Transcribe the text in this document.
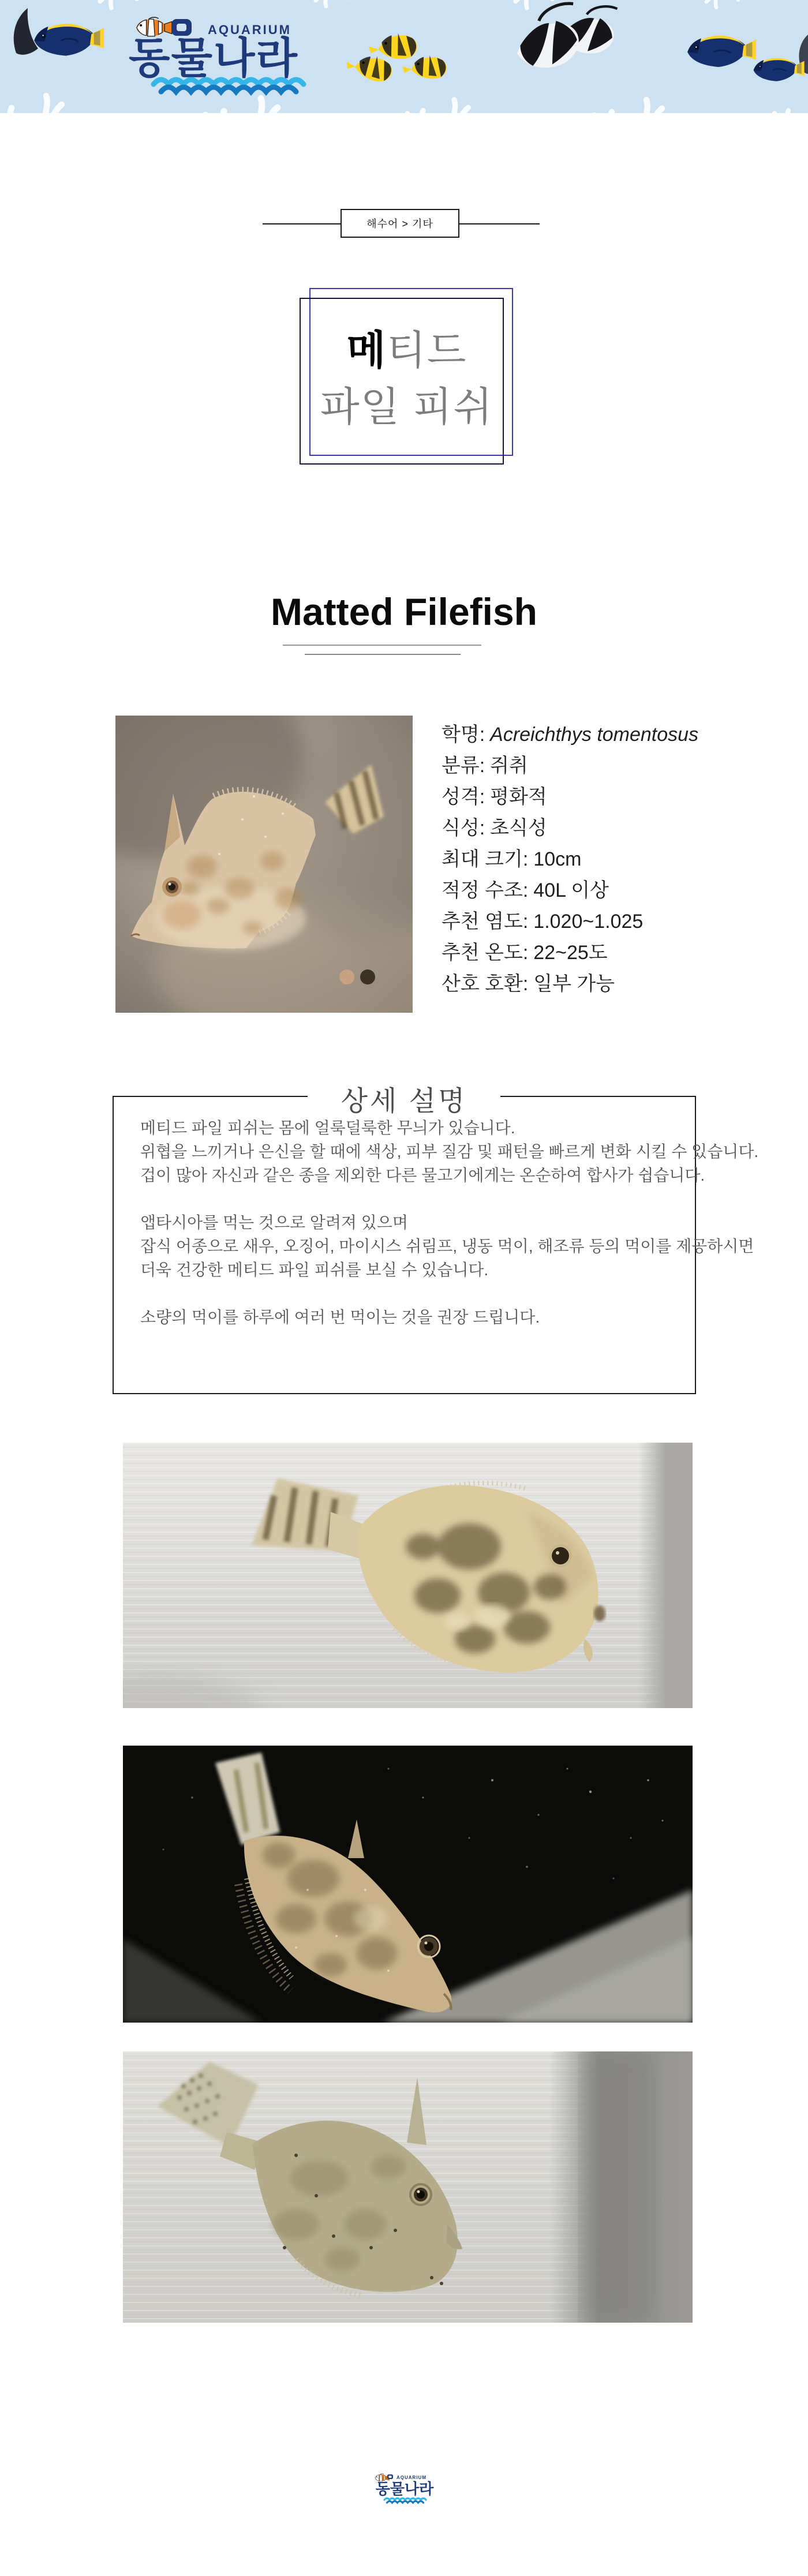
AQUARIUM
동물나라
해수어 > 기타
메티드
파일 피쉬
Matted Filefish
학명: Acreichthys tomentosus
분류: 쥐취
성격: 평화적
식성: 초식성
최대 크기: 10cm
적정 수조: 40L 이상
추천 염도: 1.020~1.025
추천 온도: 22~25도
산호 호환: 일부 가능
상세 설명

메티드 파일 피쉬는 몸에 얼룩덜룩한 무늬가 있습니다.

위협을 느끼거나 은신을 할 때에 색상, 피부 질감 및 패턴을 빠르게 변화 시킬 수 있습니다.

겁이 많아 자신과 같은 종을 제외한 다른 물고기에게는 온순하여 합사가 쉽습니다.

앱타시아를 먹는 것으로 알려져 있으며

잡식 어종으로 새우, 오징어, 마이시스 쉬림프, 냉동 먹이, 해조류 등의 먹이를 제공하시면

더욱 건강한 메티드 파일 피쉬를 보실 수 있습니다.

소량의 먹이를 하루에 여러 번 먹이는 것을 권장 드립니다.

AQUARIUM
동물나라
